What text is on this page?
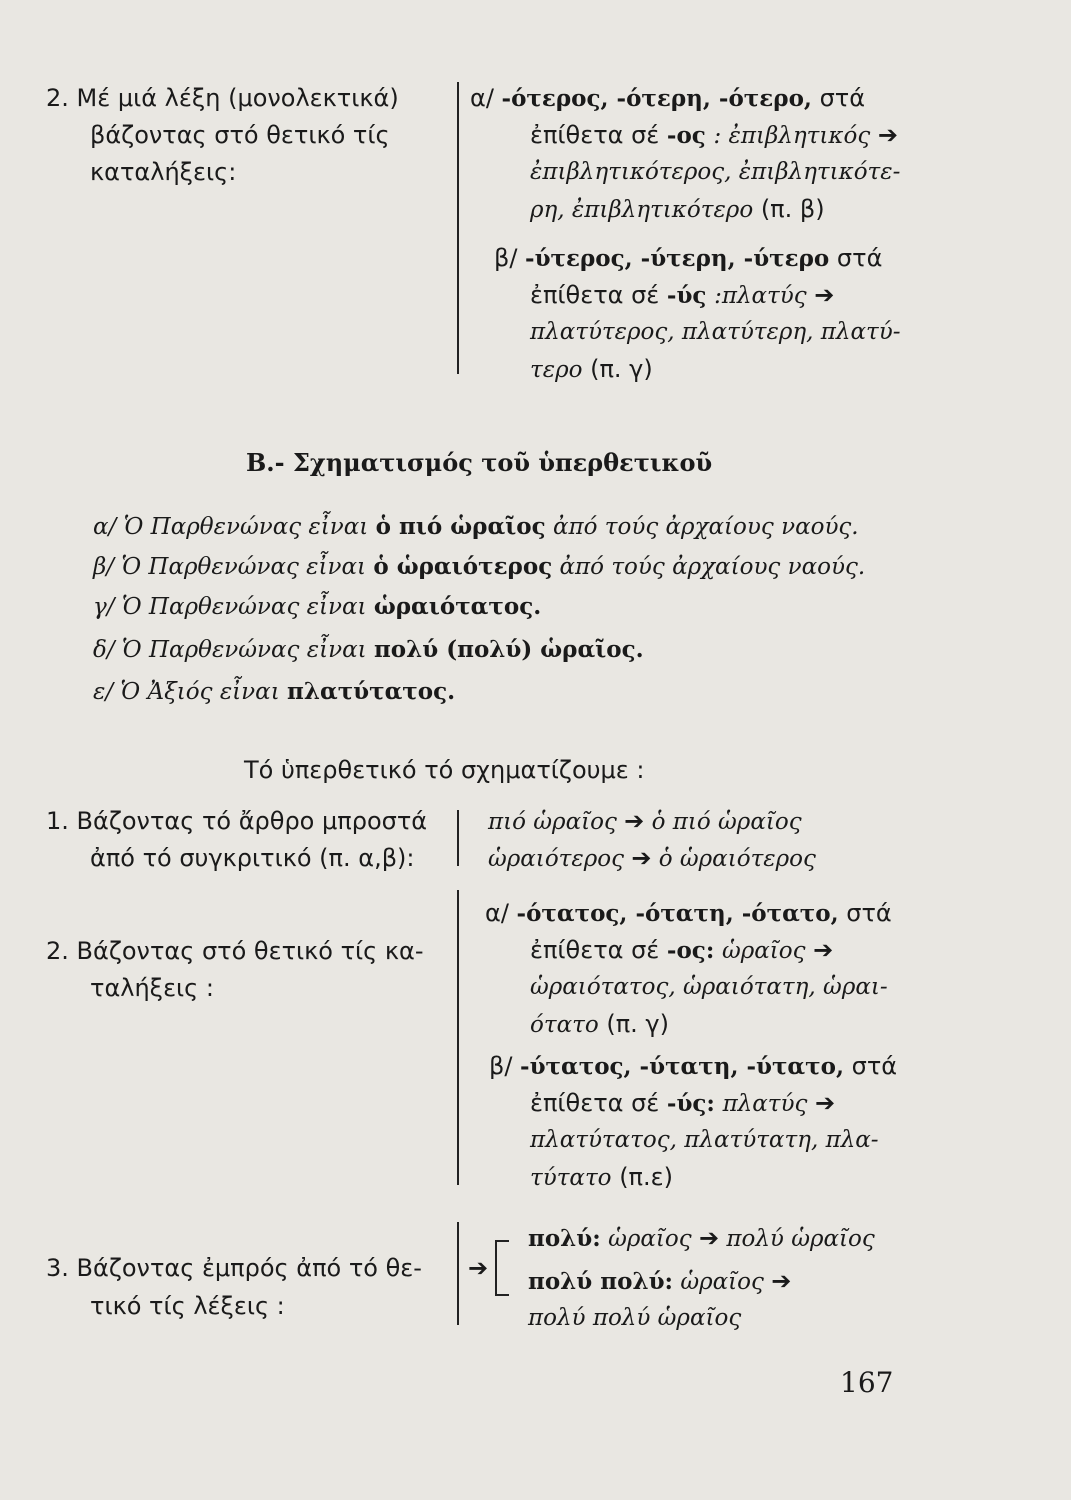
2. Μέ μιά λέξη (μονολεκτικά)
βάζοντας στό θετικό τίς
καταλήξεις:
α/ -ότερος, -ότερη, -ότερο, στά
ἐπίθετα σέ -ος : ἐπιβλητικός ➔
ἐπιβλητικότερος, ἐπιβλητικότε-
ρη, ἐπιβλητικότερο (π. β)
β/ -ύτερος, -ύτερη, -ύτερο στά
ἐπίθετα σέ -ύς :πλατύς ➔
πλατύτερος, πλατύτερη, πλατύ-
τερο (π. γ)
Β.- Σχηματισμός τοῦ ὑπερθετικοῦ
α/ Ὁ Παρθενώνας εἶναι ὁ πιό ὡραῖος ἀπό τούς ἀρχαίους ναούς.
β/ Ὁ Παρθενώνας εἶναι ὁ ὡραιότερος ἀπό τούς ἀρχαίους ναούς.
γ/ Ὁ Παρθενώνας εἶναι ὡραιότατος.
δ/ Ὁ Παρθενώνας εἶναι πολύ (πολύ) ὡραῖος.
ε/ Ὁ Ἀξιός εἶναι πλατύτατος.
Τό ὑπερθετικό τό σχηματίζουμε :
1. Βάζοντας τό ἄρθρο μπροστά
ἀπό τό συγκριτικό (π. α,β):
πιό ὡραῖος ➔ ὁ πιό ὡραῖος
ὡραιότερος ➔ ὁ ὡραιότερος
2. Βάζοντας στό θετικό τίς κα-
ταλήξεις :
α/ -ότατος, -ότατη, -ότατο, στά
ἐπίθετα σέ -ος: ὡραῖος ➔
ὡραιότατος, ὡραιότατη, ὡραι-
ότατο (π. γ)
β/ -ύτατος, -ύτατη, -ύτατο, στά
ἐπίθετα σέ -ύς: πλατύς ➔
πλατύτατος, πλατύτατη, πλα-
τύτατο (π.ε)
3. Βάζοντας ἐμπρός ἀπό τό θε-
τικό τίς λέξεις :
➔
πολύ: ὡραῖος ➔ πολύ ὡραῖος
πολύ πολύ: ὡραῖος ➔
πολύ πολύ ὡραῖος
167
